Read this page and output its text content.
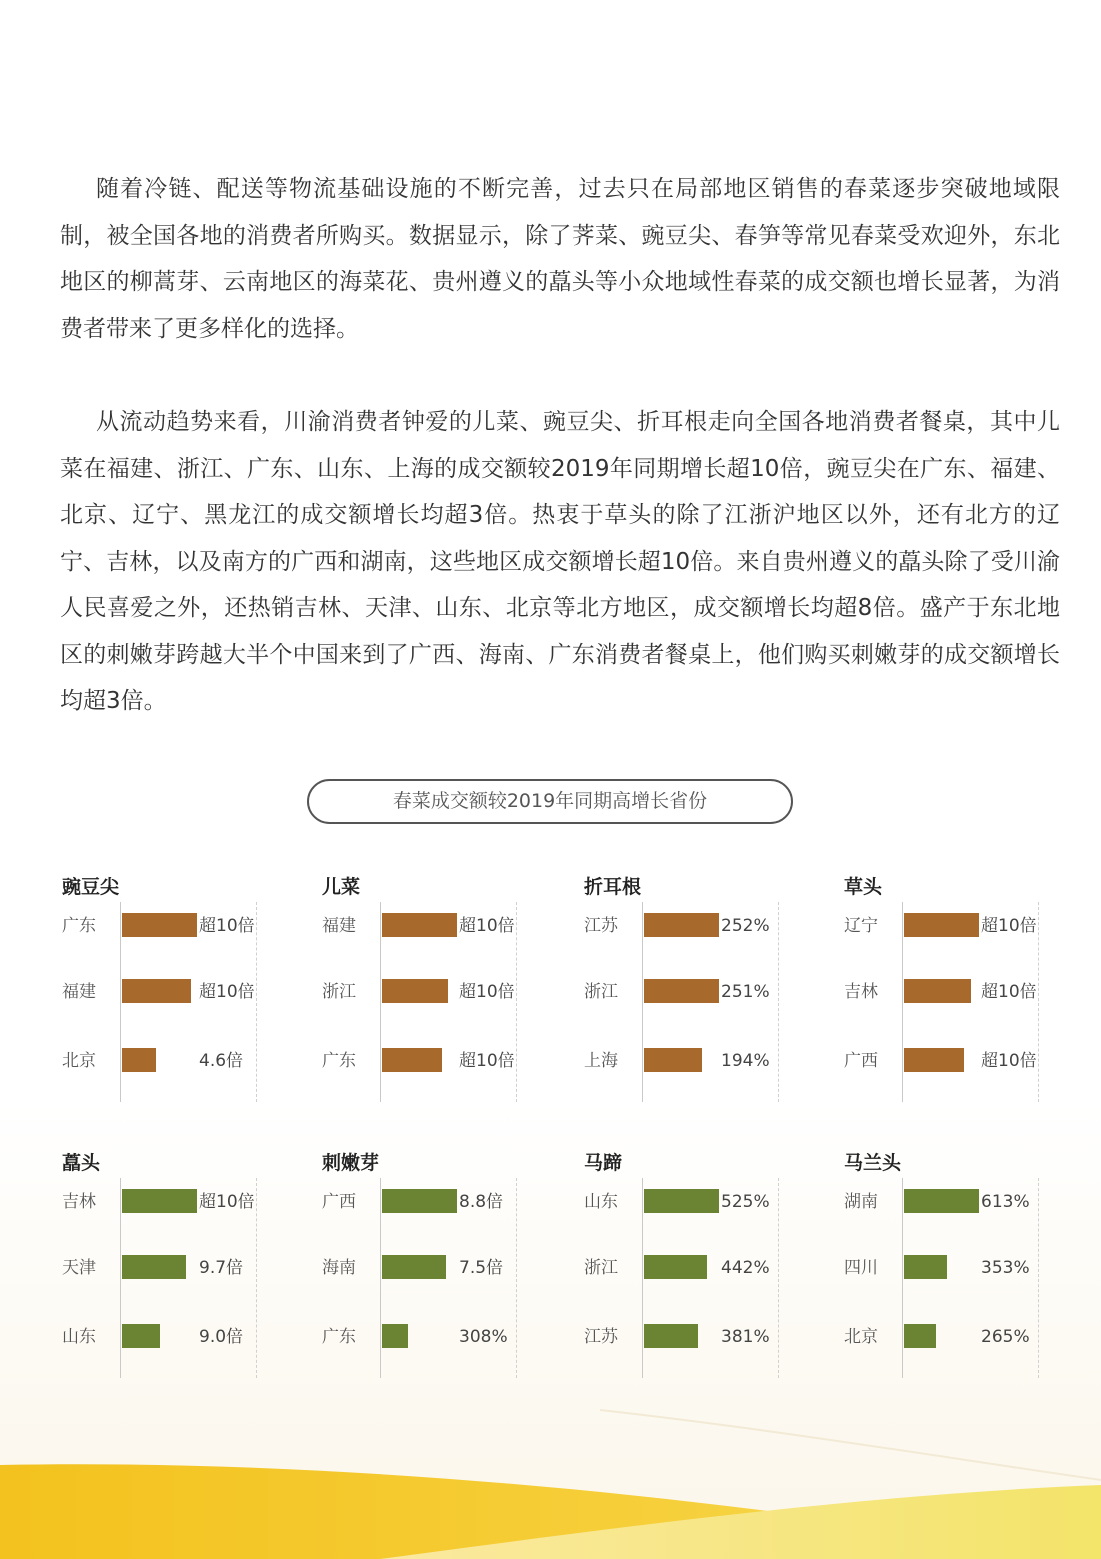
随着冷链、配送等物流基础设施的不断完善，过去只在局部地区销售的春菜逐步突破地域限制，被全国各地的消费者所购买。数据显示，除了荠菜、豌豆尖、春笋等常见春菜受欢迎外，东北地区的柳蒿芽、云南地区的海菜花、贵州遵义的藠头等小众地域性春菜的成交额也增长显著，为消费者带来了更多样化的选择。

从流动趋势来看，川渝消费者钟爱的儿菜、豌豆尖、折耳根走向全国各地消费者餐桌，其中儿菜在福建、浙江、广东、山东、上海的成交额较2019年同期增长超10倍，豌豆尖在广东、福建、北京、辽宁、黑龙江的成交额增长均超3倍。热衷于草头的除了江浙沪地区以外，还有北方的辽宁、吉林，以及南方的广西和湖南，这些地区成交额增长超10倍。来自贵州遵义的藠头除了受川渝人民喜爱之外，还热销吉林、天津、山东、北京等北方地区，成交额增长均超8倍。盛产于东北地区的刺嫩芽跨越大半个中国来到了广西、海南、广东消费者餐桌上，他们购买刺嫩芽的成交额增长均超3倍。

春菜成交额较2019年同期高增长省份
豌豆尖
广东	超10倍
福建	超10倍
北京	4.6倍
儿菜
福建	超10倍
浙江	超10倍
广东	超10倍
折耳根
江苏	252%
浙江	251%
上海	194%
草头
辽宁	超10倍
吉林	超10倍
广西	超10倍
藠头
吉林	超10倍
天津	9.7倍
山东	9.0倍
刺嫩芽
广西	8.8倍
海南	7.5倍
广东	308%
马蹄
山东	525%
浙江	442%
江苏	381%
马兰头
湖南	613%
四川	353%
北京	265%
